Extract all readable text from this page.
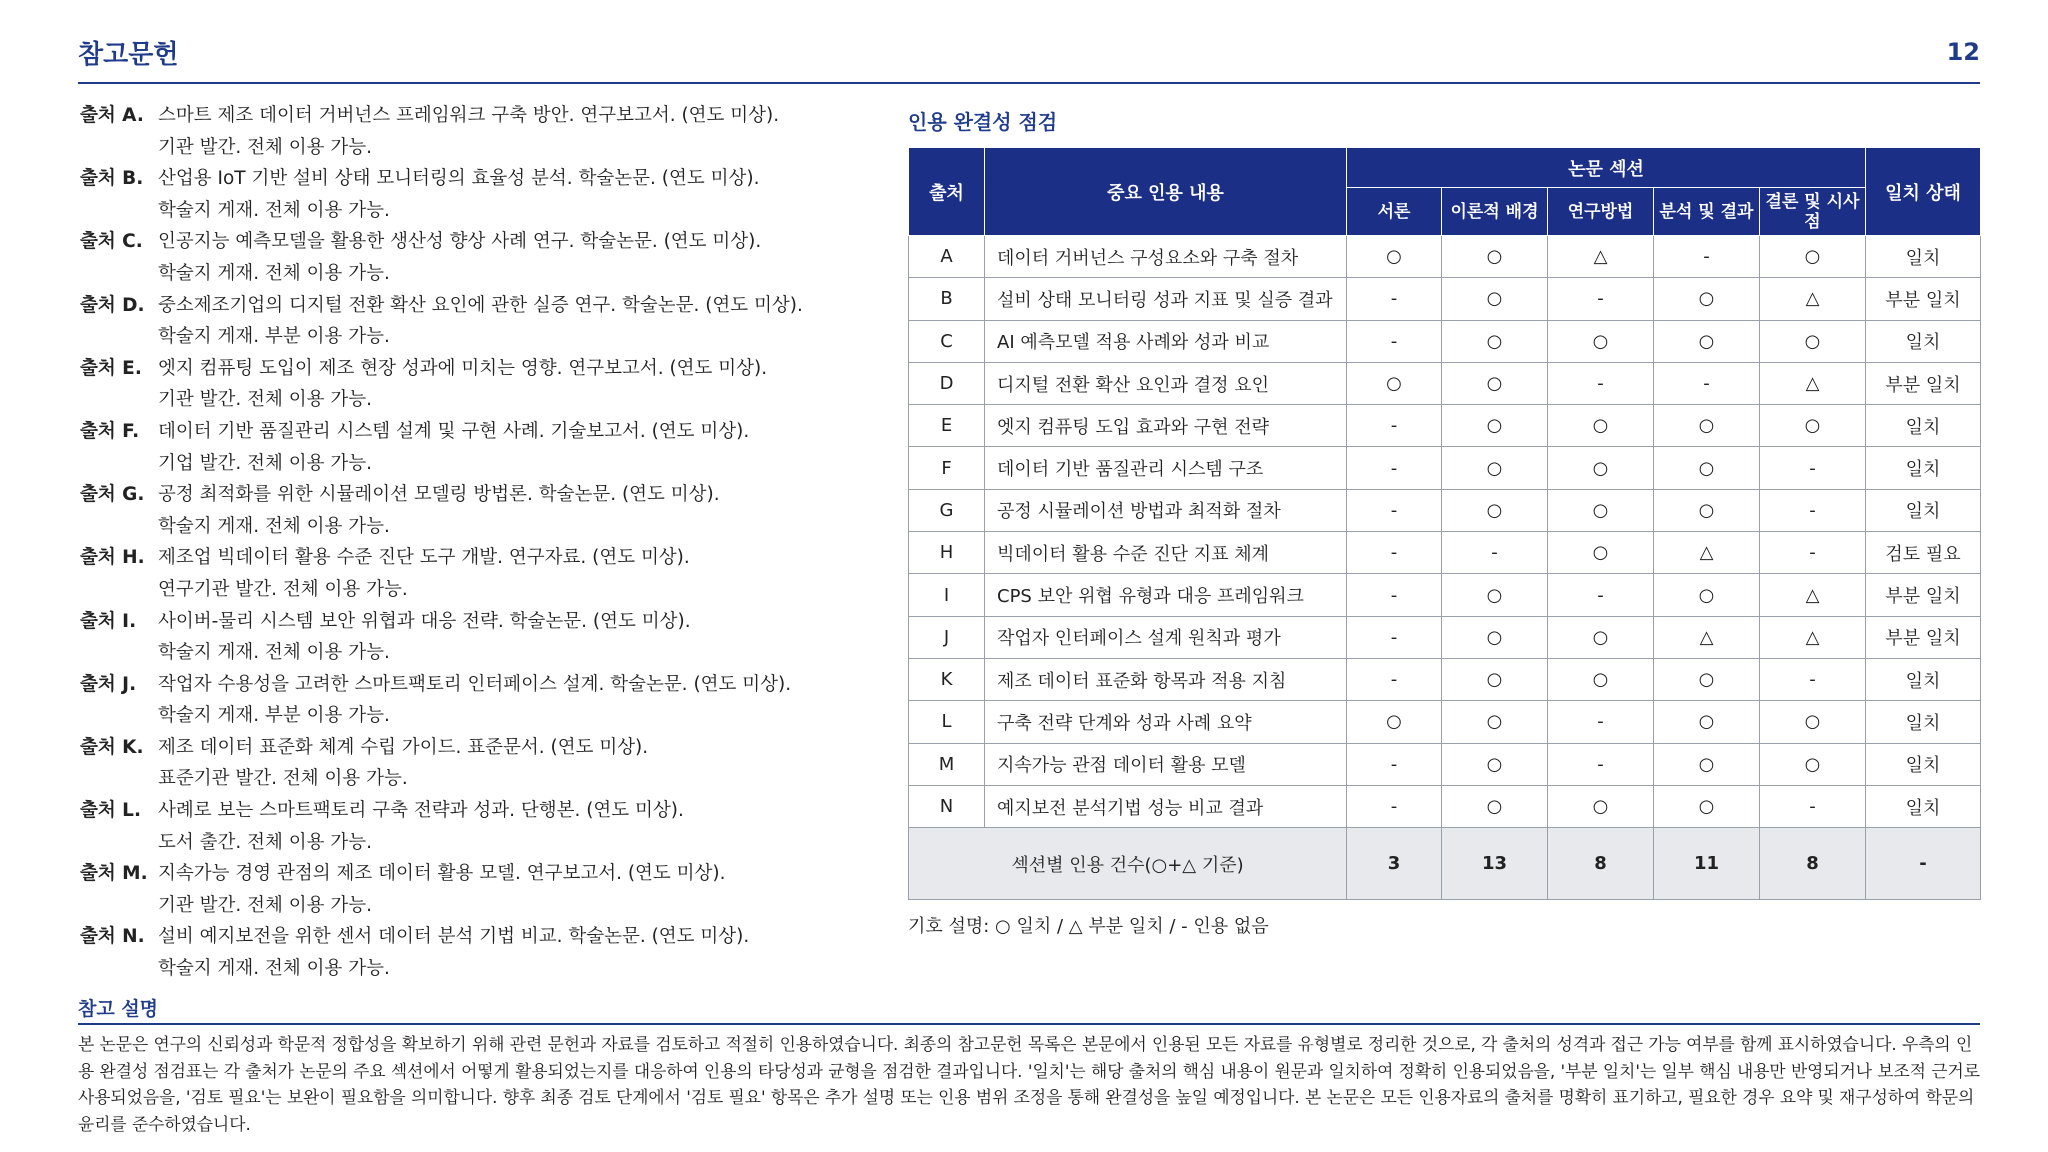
참고문헌	12
출처 A. 스마트 제조 데이터 거버넌스 프레임워크 구축 방안. 연구보고서. (연도 미상).
기관 발간. 전체 이용 가능.
출처 B. 산업용 IoT 기반 설비 상태 모니터링의 효율성 분석. 학술논문. (연도 미상).
학술지 게재. 전체 이용 가능.
출처 C. 인공지능 예측모델을 활용한 생산성 향상 사례 연구. 학술논문. (연도 미상).
학술지 게재. 전체 이용 가능.
출처 D. 중소제조기업의 디지털 전환 확산 요인에 관한 실증 연구. 학술논문. (연도 미상).
학술지 게재. 부분 이용 가능.
출처 E. 엣지 컴퓨팅 도입이 제조 현장 성과에 미치는 영향. 연구보고서. (연도 미상).
기관 발간. 전체 이용 가능.
출처 F.	데이터 기반 품질관리 시스템 설계 및 구현 사례. 기술보고서. (연도 미상).
기업 발간. 전체 이용 가능.
출처 G. 공정 최적화를 위한 시뮬레이션 모델링 방법론. 학술논문. (연도 미상).
학술지 게재. 전체 이용 가능.
출처 H. 제조업 빅데이터 활용 수준 진단 도구 개발. 연구자료. (연도 미상).
연구기관 발간. 전체 이용 가능.
출처 I.	사이버-물리 시스템 보안 위협과 대응 전략. 학술논문. (연도 미상).
학술지 게재. 전체 이용 가능.
출처 J.	작업자 수용성을 고려한 스마트팩토리 인터페이스 설계. 학술논문. (연도 미상).
학술지 게재. 부분 이용 가능.
출처 K. 제조 데이터 표준화 체계 수립 가이드. 표준문서. (연도 미상).
표준기관 발간. 전체 이용 가능.
출처 L. 사례로 보는 스마트팩토리 구축 전략과 성과. 단행본. (연도 미상).
도서 출간. 전체 이용 가능.
출처 M. 지속가능 경영 관점의 제조 데이터 활용 모델. 연구보고서. (연도 미상).
기관 발간. 전체 이용 가능.
출처 N. 설비 예지보전을 위한 센서 데이터 분석 기법 비교. 학술논문. (연도 미상).
학술지 게재. 전체 이용 가능.
인용 완결성 점검
출처	중요 인용 내용	논문 섹션					일치 상태
		서론	이론적 배경	연구방법	분석 및 결과	결론 및 시사점	
A	데이터 거버넌스 구성요소와 구축 절차	○	○	△	-	○	일치
B	설비 상태 모니터링 성과 지표 및 실증 결과	-	○	-	○	△	부분 일치
C	AI 예측모델 적용 사례와 성과 비교	-	○	○	○	○	일치
D	디지털 전환 확산 요인과 결정 요인	○	○	-	-	△	부분 일치
E	엣지 컴퓨팅 도입 효과와 구현 전략	-	○	○	○	○	일치
F	데이터 기반 품질관리 시스템 구조	-	○	○	○	-	일치
G	공정 시뮬레이션 방법과 최적화 절차	-	○	○	○	-	일치
H	빅데이터 활용 수준 진단 지표 체계	-	-	○	△	-	검토 필요
I	CPS 보안 위협 유형과 대응 프레임워크	-	○	-	○	△	부분 일치
J	작업자 인터페이스 설계 원칙과 평가	-	○	○	△	△	부분 일치
K	제조 데이터 표준화 항목과 적용 지침	-	○	○	○	-	일치
L	구축 전략 단계와 성과 사례 요약	○	○	-	○	○	일치
M	지속가능 관점 데이터 활용 모델	-	○	-	○	○	일치
N	예지보전 분석기법 성능 비교 결과	-	○	○	○	-	일치
섹션별 인용 건수(○+△ 기준)		3	13	8	11	8	-
기호 설명: ○ 일치 / △ 부분 일치 / - 인용 없음
참고 설명
본 논문은 연구의 신뢰성과 학문적 정합성을 확보하기 위해 관련 문헌과 자료를 검토하고 적절히 인용하였습니다. 최종의 참고문헌 목록은 본문에서 인용된 모든 자료를 유형별로 정리한 것으로, 각 출처의 성격과 접근 가능 여부를 함께 표시하였습니다. 우측의 인용 완결성 점검표는 각 출처가 논문의 주요 섹션에서 어떻게 활용되었는지를 대응하여 인용의 타당성과 균형을 점검한 결과입니다. '일치'는 해당 출처의 핵심 내용이 원문과 일치하여 정확히 인용되었음을, '부분 일치'는 일부 핵심 내용만 반영되거나 보조적 근거로 사용되었음을, '검토 필요'는 보완이 필요함을 의미합니다. 향후 최종 검토 단계에서 '검토 필요' 항목은 추가 설명 또는 인용 범위 조정을 통해 완결성을 높일 예정입니다. 본 논문은 모든 인용자료의 출처를 명확히 표기하고, 필요한 경우 요약 및 재구성하여 학문의 윤리를 준수하였습니다.
